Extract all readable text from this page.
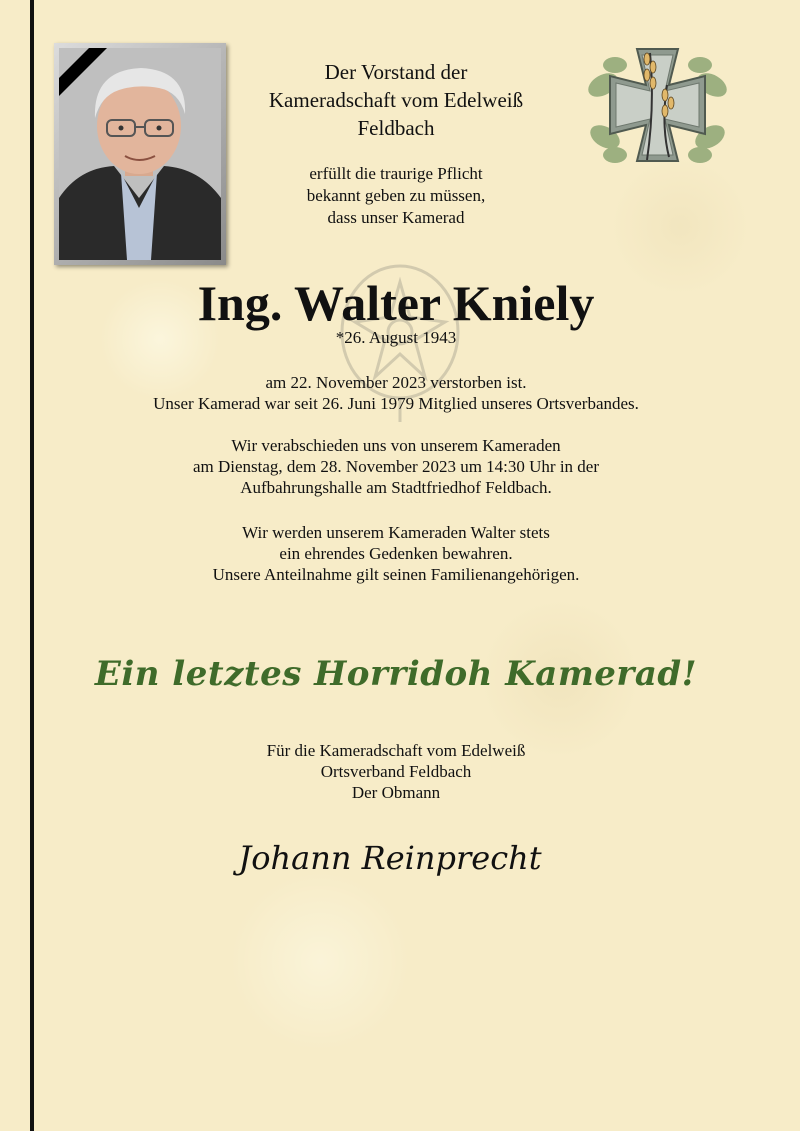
Der Vorstand der
Kameradschaft vom Edelweiß
Feldbach
erfüllt die traurige Pflicht
bekannt geben zu müssen,
dass unser Kamerad
Ing. Walter Kniely
*26. August 1943
am 22. November 2023 verstorben ist.
Unser Kamerad war seit 26. Juni 1979 Mitglied unseres Ortsverbandes.
Wir verabschieden uns von unserem Kameraden
am Dienstag, dem 28. November 2023 um 14:30 Uhr in der
Aufbahrungshalle am Stadtfriedhof Feldbach.
Wir werden unserem Kameraden Walter stets
ein ehrendes Gedenken bewahren.
Unsere Anteilnahme gilt seinen Familienangehörigen.
Ein letztes Horridoh Kamerad!
Für die Kameradschaft vom Edelweiß
Ortsverband Feldbach
Der Obmann
Johann Reinprecht
